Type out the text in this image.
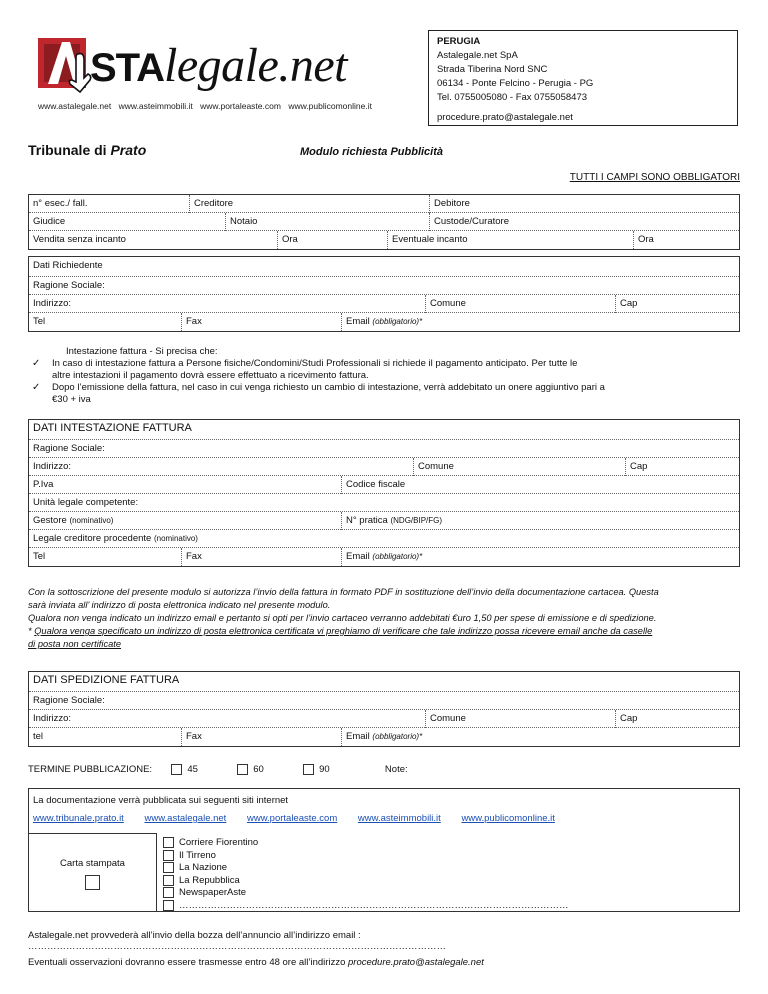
STAlegale.net
www.astalegale.net www.asteimmobili.it www.portaleaste.com www.publicomonline.it
PERUGIA
Astalegale.net SpA
Strada Tiberina Nord SNC
06134 - Ponte Felcino - Perugia - PG
Tel. 0755005080 - Fax 0755058473
procedure.prato@astalegale.net
Tribunale di Prato	Modulo richiesta Pubblicità
TUTTI I CAMPI SONO OBBLIGATORI
n° esec./ fall.	Creditore	Debitore
Giudice	Notaio	Custode/Curatore
Vendita senza incanto	Ora	Eventuale incanto	Ora
Dati Richiedente
Ragione Sociale:
Indirizzo:	Comune	Cap
Tel	Fax	Email (obbligatorio)*
Intestazione fattura - Si precisa che:
✓ In caso di intestazione fattura a Persone fisiche/Condomini/Studi Professionali si richiede il pagamento anticipato. Per tutte le
altre intestazioni il pagamento dovrà essere effettuato a ricevimento fattura.
✓ Dopo l’emissione della fattura, nel caso in cui venga richiesto un cambio di intestazione, verrà addebitato un onere aggiuntivo pari a
€30 + iva
DATI INTESTAZIONE FATTURA
Ragione Sociale:
Indirizzo:	Comune	Cap
P.Iva	Codice fiscale
Unità legale competente:
Gestore (nominativo)	N° pratica (NDG/BIP/FG)
Legale creditore procedente (nominativo)
Tel	Fax	Email (obbligatorio)*
Con la sottoscrizione del presente modulo si autorizza l’invio della fattura in formato PDF in sostituzione dell’invio della documentazione cartacea. Questa
sarà inviata all’ indirizzo di posta elettronica indicato nel presente modulo.
Qualora non venga indicato un indirizzo email e pertanto si opti per l’invio cartaceo verranno addebitati €uro 1,50 per spese di emissione e di spedizione.
* Qualora venga specificato un indirizzo di posta elettronica certificata vi preghiamo di verificare che tale indirizzo possa ricevere email anche da caselle
di posta non certificate
DATI SPEDIZIONE FATTURA
Ragione Sociale:
Indirizzo:	Comune	Cap
tel	Fax	Email (obbligatorio)*
TERMINE PUBBLICAZIONE:	45	60	90	Note:
La documentazione verrà pubblicata sui seguenti siti internet
www.tribunale.prato.it www.astalegale.net www.portaleaste.com www.asteimmobili.it www.publicomonline.it
Carta stampata
Corriere Fiorentino
Il Tirreno
La Nazione
La Repubblica
NewspaperAste
……………………………………………………………………………………………………………
Astalegale.net provvederà all’invio della bozza dell’annuncio all’indirizzo email : ……………………………………………………………………………………………………………………
Eventuali osservazioni dovranno essere trasmesse entro 48 ore all’indirizzo procedure.prato@astalegale.net
